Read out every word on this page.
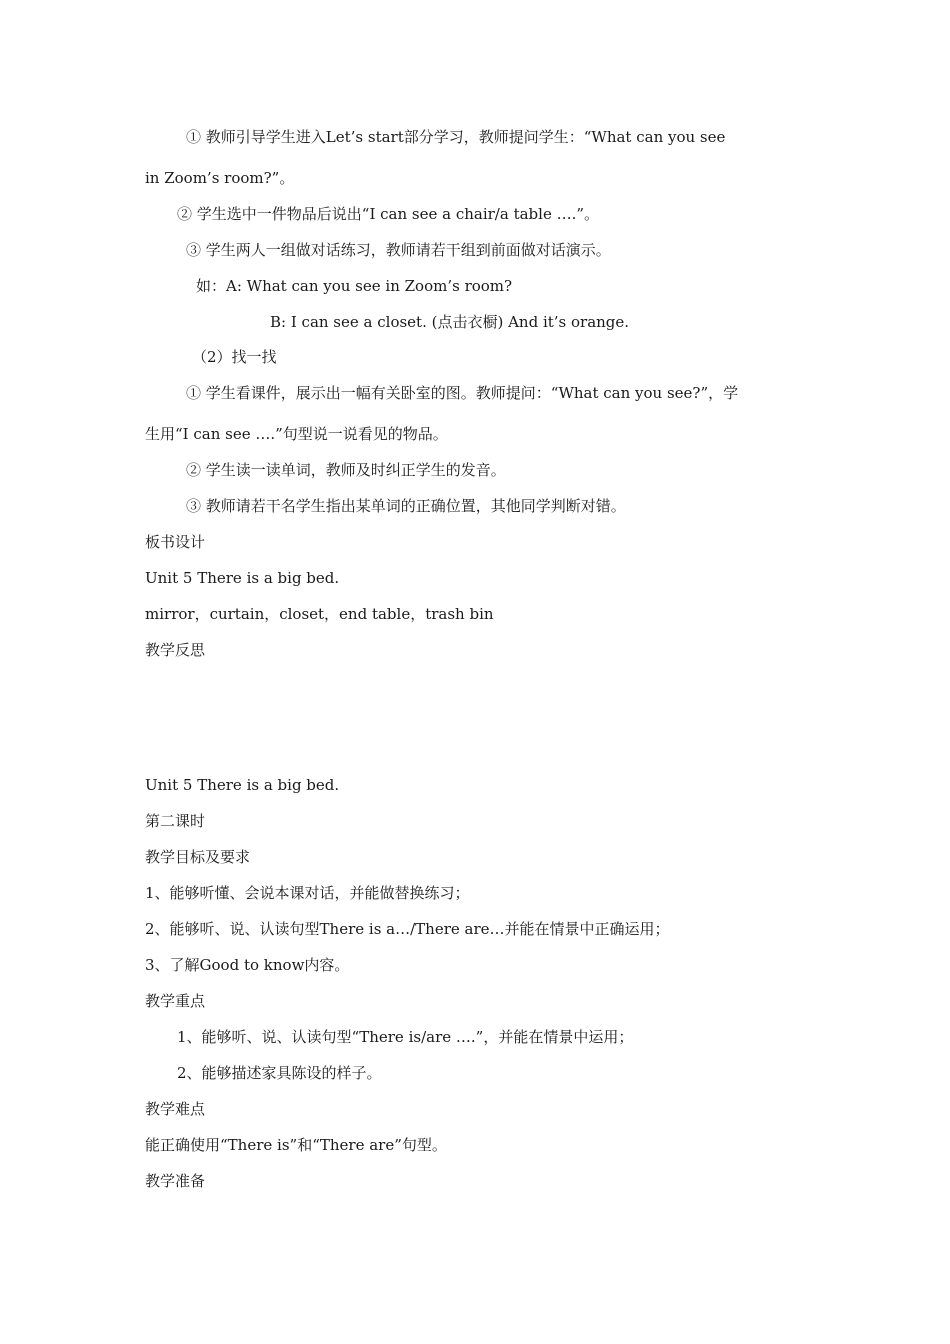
① 教师引导学生进入Let’s start部分学习，教师提问学生：“What can you see
in Zoom’s room?”。
② 学生选中一件物品后说出“I can see a chair/a table ….”。
③ 学生两人一组做对话练习，教师请若干组到前面做对话演示。
如：A: What can you see in Zoom’s room?
B: I can see a closet. (点击衣橱) And it’s orange.
（2）找一找
① 学生看课件，展示出一幅有关卧室的图。教师提问：“What can you see?”，学
生用“I can see ….”句型说一说看见的物品。
② 学生读一读单词，教师及时纠正学生的发音。
③ 教师请若干名学生指出某单词的正确位置，其他同学判断对错。
板书设计
Unit 5 There is a big bed.
mirror，curtain，closet，end table，trash bin
教学反思
Unit 5 There is a big bed.
第二课时
教学目标及要求
1、能够听懂、会说本课对话，并能做替换练习；
2、能够听、说、认读句型There is a…/There are…并能在情景中正确运用；
3、了解Good to know内容。
教学重点
1、能够听、说、认读句型“There is/are ….”，并能在情景中运用；
2、能够描述家具陈设的样子。
教学难点
能正确使用“There is”和“There are”句型。
教学准备
